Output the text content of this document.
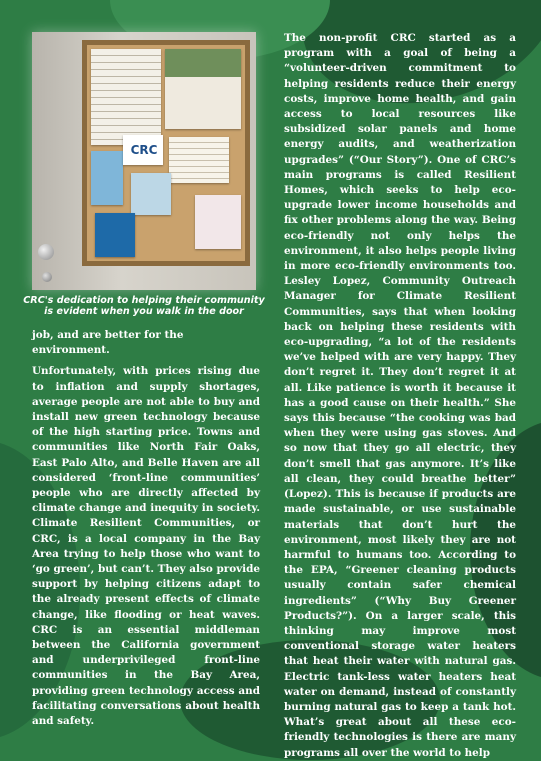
CRC
CRC's dedication to helping their community is evident when you walk in the door

job, and are better for the environment.

Unfortunately, with prices rising due to inflation and supply shortages, average people are not able to buy and install new green technology because of the high starting price. Towns and communities like North Fair Oaks, East Palo Alto, and Belle Haven are all considered ‘front-line communities’ people who are directly affected by climate change and inequity in society. Climate Resilient Communities, or CRC, is a local company in the Bay Area trying to help those who want to ‘go green’, but can’t. They also provide support by helping citizens adapt to the already present effects of climate change, like flooding or heat waves. CRC is an essential middleman between the California government and underprivileged front-line communities in the Bay Area, providing green technology access and facilitating conversations about health and safety.

The non-profit CRC started as a program with a goal of being a “volunteer-driven commitment to helping residents reduce their energy costs, improve home health, and gain access to local resources like subsidized solar panels and home energy audits, and weatherization upgrades” (“Our Story”). One of CRC’s main programs is called Resilient Homes, which seeks to help eco-upgrade lower income households and fix other problems along the way. Being eco-friendly not only helps the environment, it also helps people living in more eco-friendly environments too. Lesley Lopez, Community Outreach Manager for Climate Resilient Communities, says that when looking back on helping these residents with eco-upgrading, “a lot of the residents we’ve helped with are very happy. They don’t regret it. They don’t regret it at all. Like patience is worth it because it has a good cause on their health.” She says this because “the cooking was bad when they were using gas stoves. And so now that they go all electric, they don’t smell that gas anymore. It’s like all clean, they could breathe better” (Lopez). This is because if products are made sustainable, or use sustainable materials that don’t hurt the environment, most likely they are not harmful to humans too. According to the EPA, “Greener cleaning products usually contain safer chemical ingredients” (“Why Buy Greener Products?”). On a larger scale, this thinking may improve most conventional storage water heaters that heat their water with natural gas. Electric tank-less water heaters heat water on demand, instead of constantly burning natural gas to keep a tank hot. What’s great about all these eco-friendly technologies is there are many programs all over the world to help
